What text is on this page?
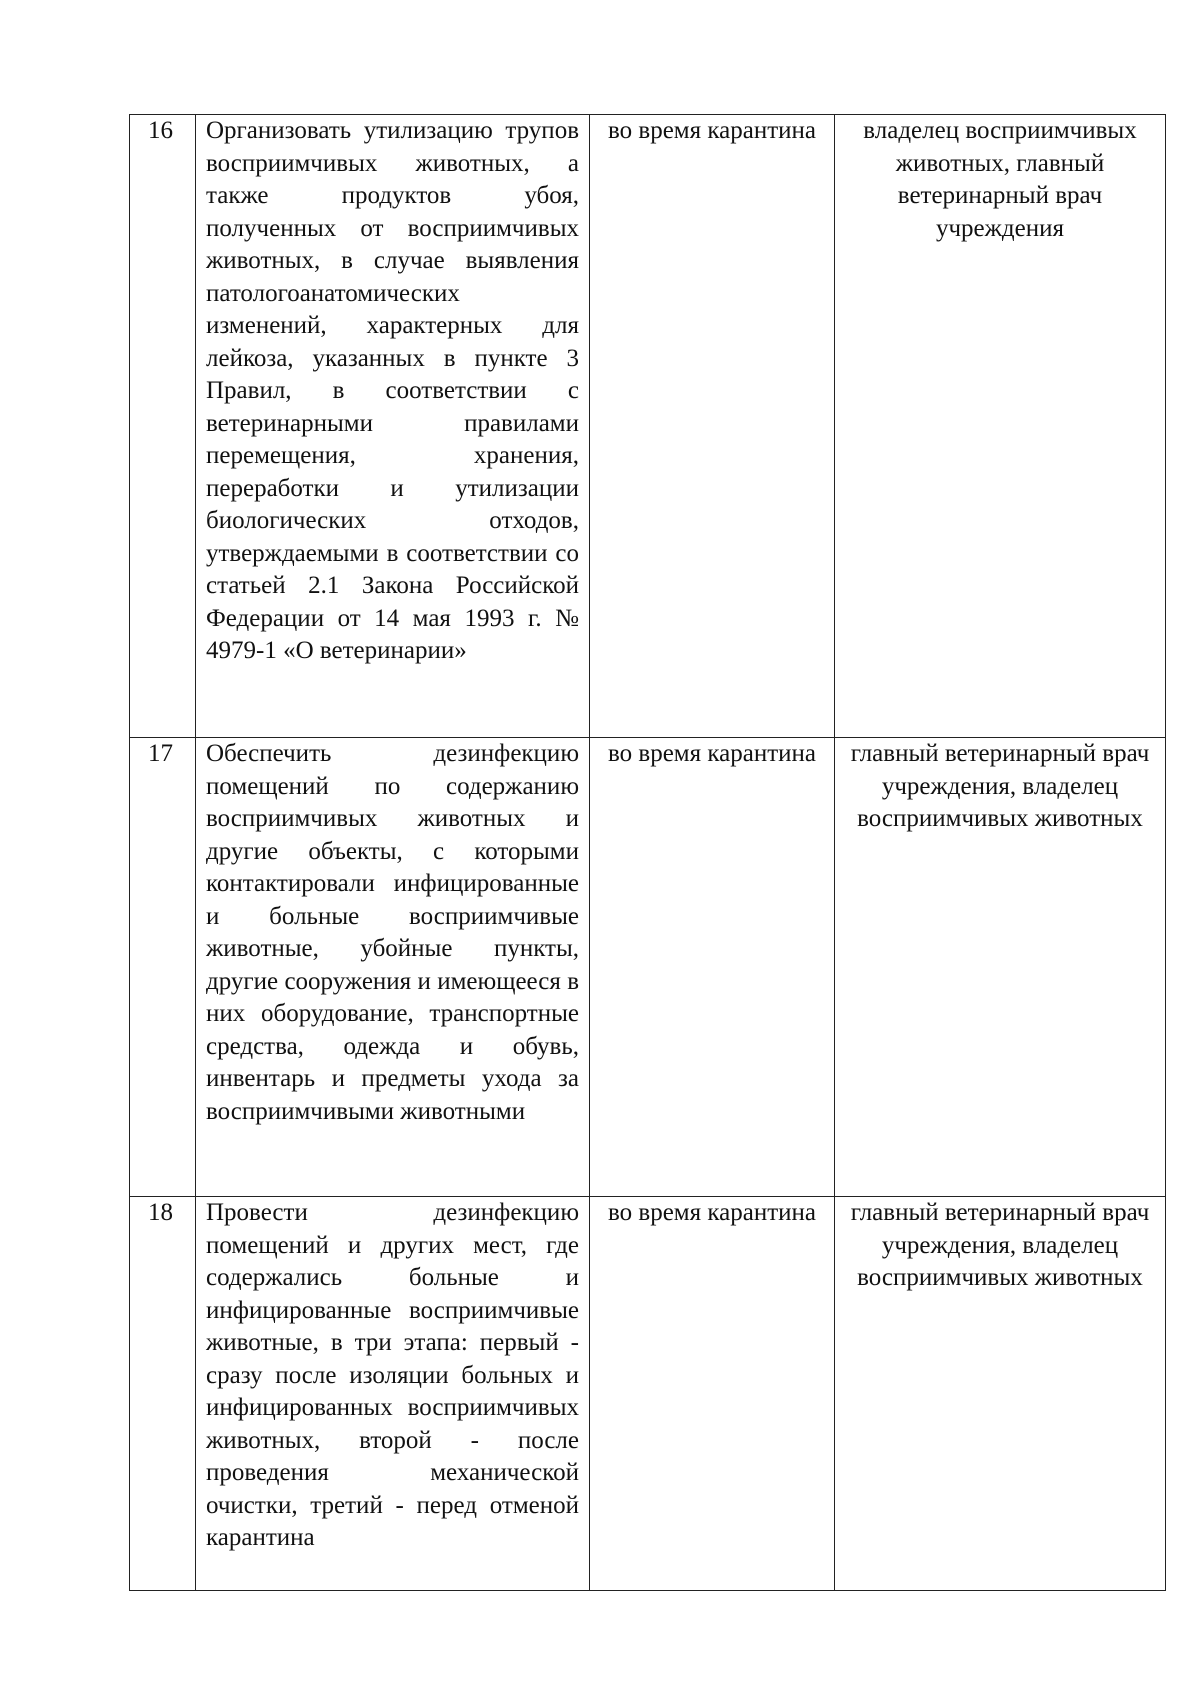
16	Организовать утилизацию трупов восприимчивых животных, а также продуктов убоя, полученных от восприимчивых животных, в случае выявления патологоанатомических изменений, характерных для лейкоза, указанных в пункте 3 Правил, в соответствии с ветеринарными правилами перемещения, хранения, переработки и утилизации биологических отходов, утверждаемыми в соответствии со статьей 2.1 Закона Российской Федерации от 14 мая 1993 г. № 4979-1 «О ветеринарии»	во время карантина	владелец восприимчивых животных, главный ветеринарный врач учреждения

17	Обеспечить дезинфекцию помещений по содержанию восприимчивых животных и другие объекты, с которыми контактировали инфицированные и больные восприимчивые животные, убойные пункты, другие сооружения и имеющееся в них оборудование, транспортные средства, одежда и обувь, инвентарь и предметы ухода за восприимчивыми животными	во время карантина	главный ветеринарный врач учреждения, владелец восприимчивых животных

18	Провести дезинфекцию помещений и других мест, где содержались больные и инфицированные восприимчивые животные, в три этапа: первый - сразу после изоляции больных и инфицированных восприимчивых животных, второй - после проведения механической очистки, третий - перед отменой карантина	во время карантина	главный ветеринарный врач учреждения, владелец восприимчивых животных
